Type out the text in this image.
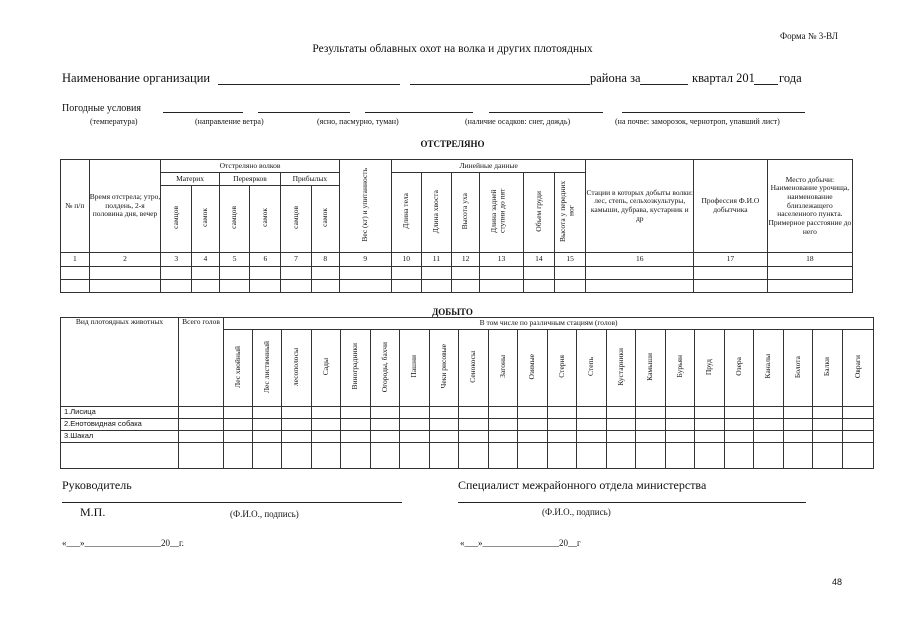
Форма № 3-ВЛ
Результаты облавных охот на волка и других плотоядных
Наименование организации	района за	квартал 201 года
Погодные условия
(температура)	(направление ветра)	(ясно, пасмурно, туман)	(наличие осадков: снег, дождь)	(на почве: заморозок, чернотроп, упавший лист)
ОТСТРЕЛЯНО
№ п/п	Время отстрела; утро, полдень, 2-я половина дня, вечер	Отстреляно волков						Вес (кг) и упитанность	Линейные данные						Стации в которых добыты волки: лес, степь, сельхозкультуры, камыши, дубрава, кустарник и др	Профессия Ф.И.О добытчика	Место добычи: Наименование урочища, наименование близлежащего населенного пункта. Примерное расстояние до него
		Материх		Переярков		Прибылых			Длина тела	Длина хвоста	Высота уха	Длина задней ступни до пят	Объем груди	Высота у передних ног			
		самцов	самок	самцов	самок	самцов	самок										
1	2	3	4	5	6	7	8	9	10	11	12	13	14	15	16	17	18

ДОБЫТО
Вид плотоядных животных	Всего голов	В том числе по различным стациям (голов)																					
		Лес хвойный	Лес лиственный	лесополосы	Сады	Виноградники	Огороды, бахчи	Пашни	Чеки рисовые	Сенокосы	Загоны	Озимые	Стерня	Степь	Кустарники	Камыши	Бурьян	Пруд	Озера	Каналы	Болота	Балки	Овраги
1.Лисица																							
2.Енотовидная собака																							
3.Шакал																							

Руководитель
М.П.	(Ф.И.О., подпись)
«___»_________________20__г.
Специалист межрайонного отдела министерства
(Ф.И.О., подпись)
«___»_________________20__г
48
